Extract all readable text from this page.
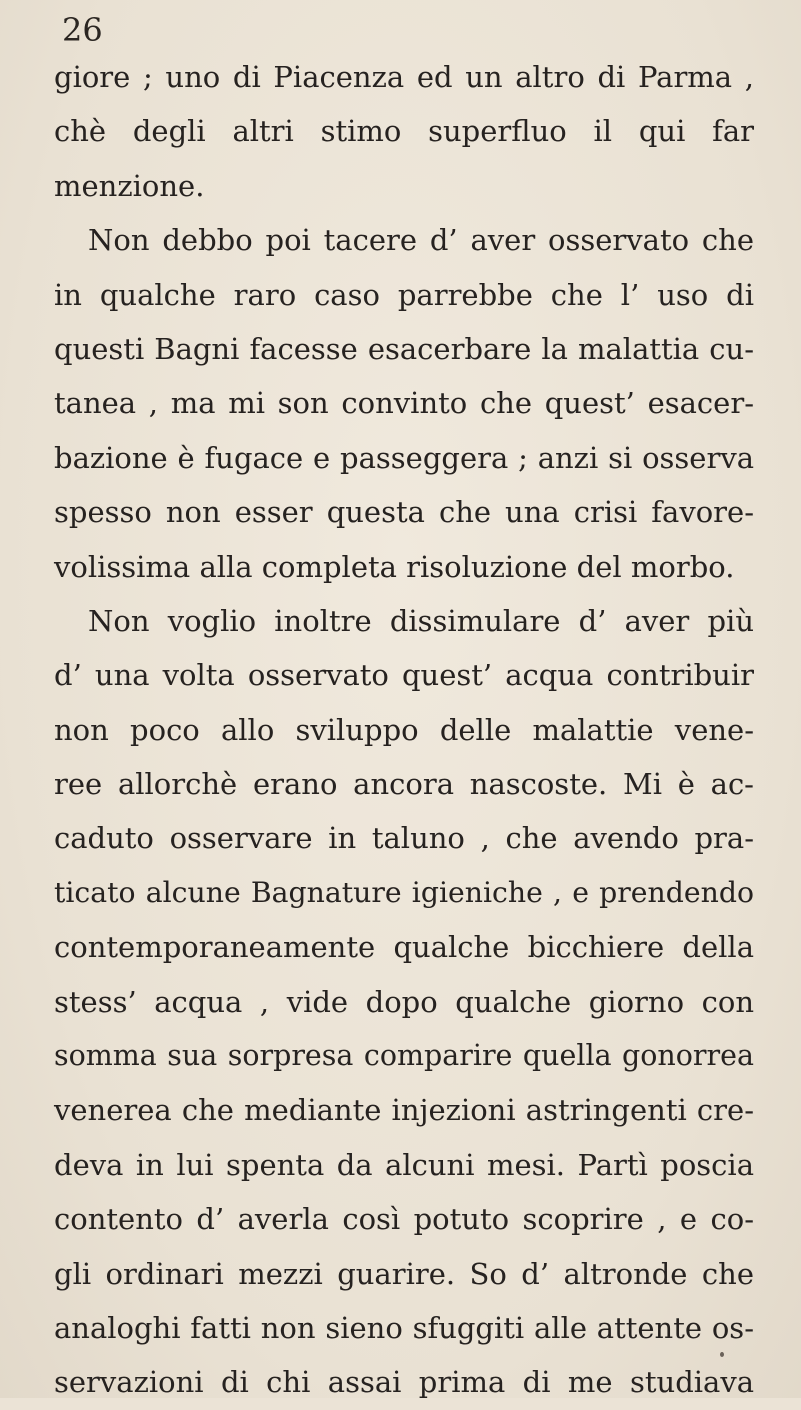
26
giore ; uno di Piacenza ed un altro di Parma ,
chè degli altri stimo superfluo il qui far
menzione.
Non debbo poi tacere d’ aver osservato che
in qualche raro caso parrebbe che l’ uso di
questi Bagni facesse esacerbare la malattia cu-
tanea , ma mi son convinto che quest’ esacer-
bazione è fugace e passeggera ; anzi si osserva
spesso non esser questa che una crisi favore-
volissima alla completa risoluzione del morbo.
Non voglio inoltre dissimulare d’ aver più
d’ una volta osservato quest’ acqua contribuir
non poco allo sviluppo delle malattie vene-
ree allorchè erano ancora nascoste. Mi è ac-
caduto osservare in taluno , che avendo pra-
ticato alcune Bagnature igieniche , e prendendo
contemporaneamente qualche bicchiere della
stess’ acqua , vide dopo qualche giorno con
somma sua sorpresa comparire quella gonorrea
venerea che mediante injezioni astringenti cre-
deva in lui spenta da alcuni mesi. Partì poscia
contento d’ averla così potuto scoprire , e co-
gli ordinari mezzi guarire. So d’ altronde che
analoghi fatti non sieno sfuggiti alle attente os-
servazioni di chi assai prima di me studiava
